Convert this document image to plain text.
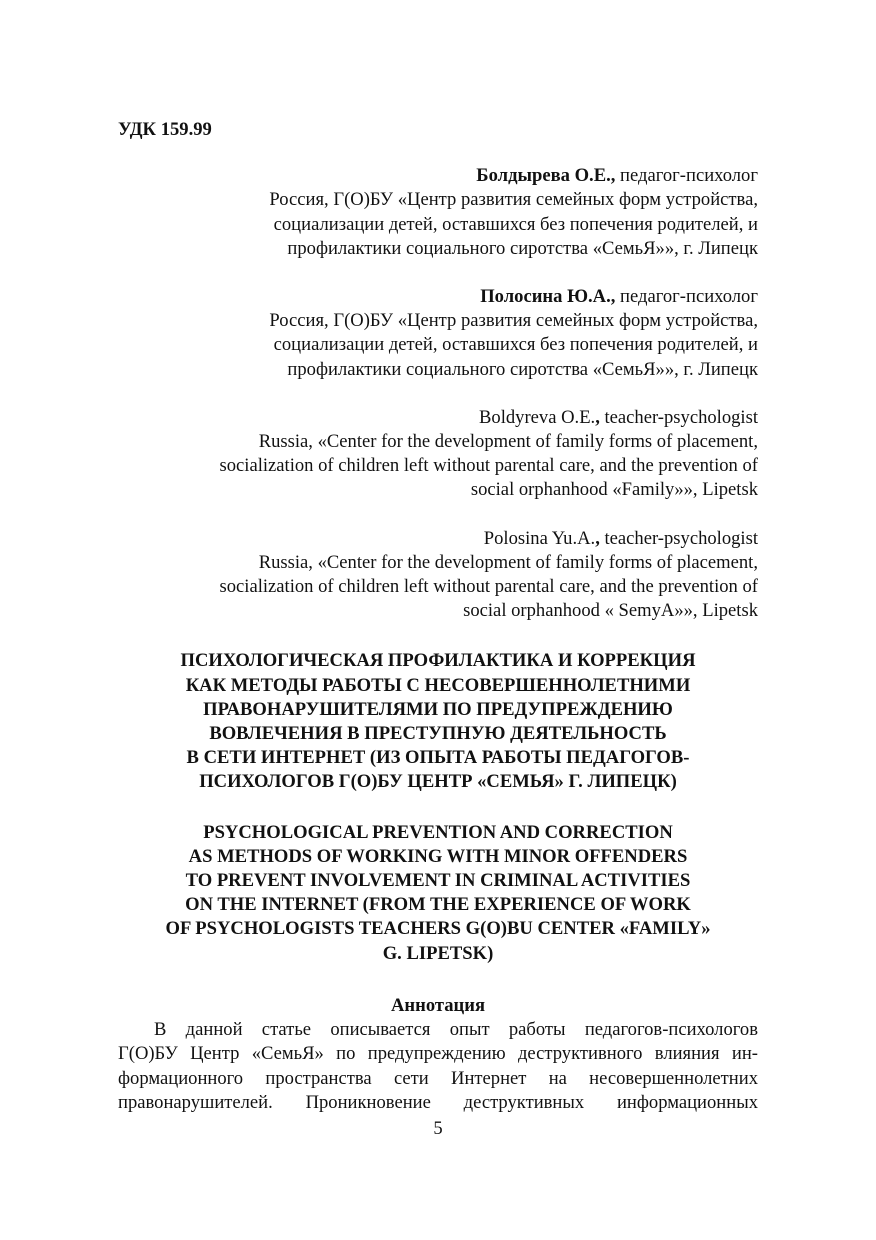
УДК 159.99

Болдырева О.Е., педагог-психолог
Россия, Г(О)БУ «Центр развития семейных форм устройства,
социализации детей, оставшихся без попечения родителей, и
профилактики социального сиротства «СемьЯ»», г. Липецк
Полосина Ю.А., педагог-психолог
Россия, Г(О)БУ «Центр развития семейных форм устройства,
социализации детей, оставшихся без попечения родителей, и
профилактики социального сиротства «СемьЯ»», г. Липецк
Boldyreva O.E., teacher-psychologist
Russia, «Center for the development of family forms of placement,
socialization of children left without parental care, and the prevention of
social orphanhood «Family»», Lipetsk
Polosina Yu.A., teacher-psychologist
Russia, «Center for the development of family forms of placement,
socialization of children left without parental care, and the prevention of
social orphanhood « SemyA»», Lipetsk
ПСИХОЛОГИЧЕСКАЯ ПРОФИЛАКТИКА И КОРРЕКЦИЯ
КАК МЕТОДЫ РАБОТЫ С НЕСОВЕРШЕННОЛЕТНИМИ
ПРАВОНАРУШИТЕЛЯМИ ПО ПРЕДУПРЕЖДЕНИЮ
ВОВЛЕЧЕНИЯ В ПРЕСТУПНУЮ ДЕЯТЕЛЬНОСТЬ
В СЕТИ ИНТЕРНЕТ (ИЗ ОПЫТА РАБОТЫ ПЕДАГОГОВ-
ПСИХОЛОГОВ Г(О)БУ ЦЕНТР «СЕМЬЯ» Г. ЛИПЕЦК)
PSYCHOLOGICAL PREVENTION AND CORRECTION
AS METHODS OF WORKING WITH MINOR OFFENDERS
TO PREVENT INVOLVEMENT IN CRIMINAL ACTIVITIES
ON THE INTERNET (FROM THE EXPERIENCE OF WORK
OF PSYCHOLOGISTS TEACHERS G(O)BU CENTER «FAMILY»
G. LIPETSK)
Аннотация
В данной статье описывается опыт работы педагогов-психологов
Г(О)БУ Центр «СемьЯ» по предупреждению деструктивного влияния ин-
формационного пространства сети Интернет на несовершеннолетних
правонарушителей. Проникновение деструктивных информационных
5
